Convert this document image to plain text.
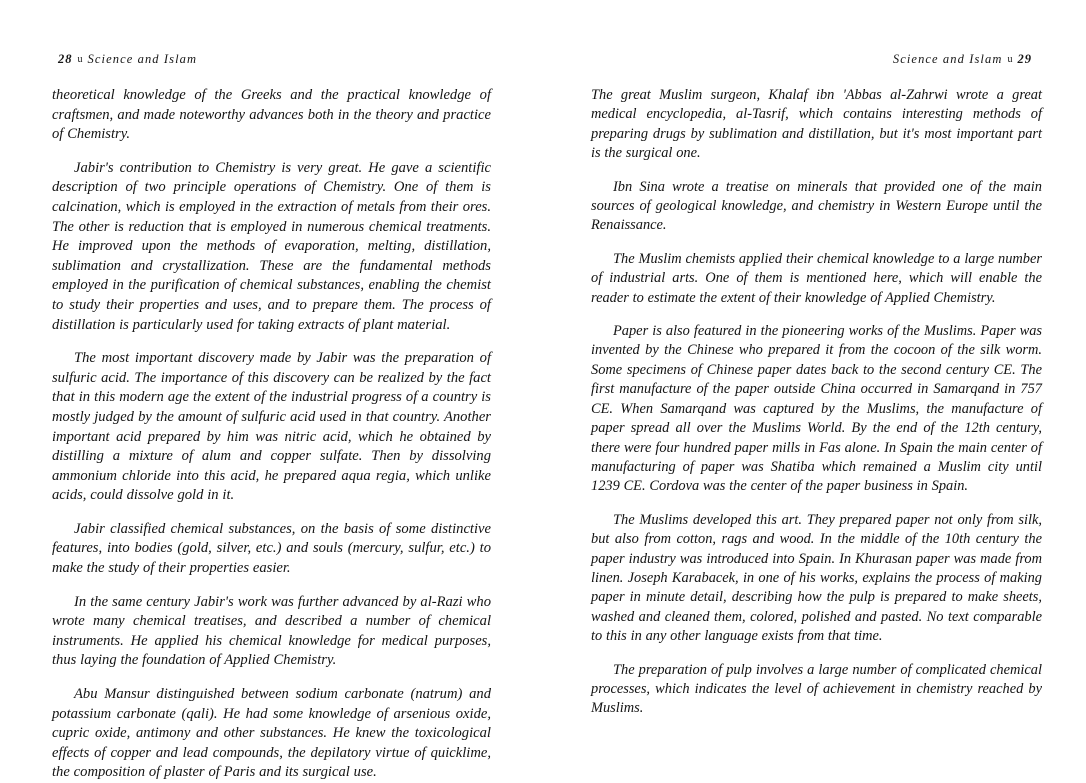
28 u Science and Islam

theoretical knowledge of the Greeks and the practical knowledge of craftsmen, and made noteworthy advances both in the theory and practice of Chemistry.

Jabir's contribution to Chemistry is very great. He gave a scientific description of two principle operations of Chemistry. One of them is calcination, which is employed in the extraction of metals from their ores. The other is reduction that is employed in numerous chemical treatments. He improved upon the methods of evaporation, melting, distillation, sublimation and crystallization. These are the fundamental methods employed in the purification of chemical substances, enabling the chemist to study their properties and uses, and to prepare them. The process of distillation is particularly used for taking extracts of plant material.

The most important discovery made by Jabir was the preparation of sulfuric acid. The importance of this discovery can be realized by the fact that in this modern age the extent of the industrial progress of a country is mostly judged by the amount of sulfuric acid used in that country. Another important acid prepared by him was nitric acid, which he obtained by distilling a mixture of alum and copper sulfate. Then by dissolving ammonium chloride into this acid, he prepared aqua regia, which unlike acids, could dissolve gold in it.

Jabir classified chemical substances, on the basis of some distinctive features, into bodies (gold, silver, etc.) and souls (mercury, sulfur, etc.) to make the study of their properties easier.

In the same century Jabir's work was further advanced by al-Razi who wrote many chemical treatises, and described a number of chemical instruments. He applied his chemical knowledge for medical purposes, thus laying the foundation of Applied Chemistry.

Abu Mansur distinguished between sodium carbonate (natrum) and potassium carbonate (qali). He had some knowledge of arsenious oxide, cupric oxide, antimony and other substances. He knew the toxicological effects of copper and lead compounds, the depilatory virtue of quicklime, the composition of plaster of Paris and its surgical use.

Science and Islam u 29

The great Muslim surgeon, Khalaf ibn 'Abbas al-Zahrwi wrote a great medical encyclopedia, al-Tasrif, which contains interesting methods of preparing drugs by sublimation and distillation, but it's most important part is the surgical one.

Ibn Sina wrote a treatise on minerals that provided one of the main sources of geological knowledge, and chemistry in Western Europe until the Renaissance.

The Muslim chemists applied their chemical knowledge to a large number of industrial arts. One of them is mentioned here, which will enable the reader to estimate the extent of their knowledge of Applied Chemistry.

Paper is also featured in the pioneering works of the Muslims. Paper was invented by the Chinese who prepared it from the cocoon of the silk worm. Some specimens of Chinese paper dates back to the second century CE. The first manufacture of the paper outside China occurred in Samarqand in 757 CE. When Samarqand was captured by the Muslims, the manufacture of paper spread all over the Muslims World. By the end of the 12th century, there were four hundred paper mills in Fas alone. In Spain the main center of manufacturing of paper was Shatiba which remained a Muslim city until 1239 CE. Cordova was the center of the paper business in Spain.

The Muslims developed this art. They prepared paper not only from silk, but also from cotton, rags and wood. In the middle of the 10th century the paper industry was introduced into Spain. In Khurasan paper was made from linen. Joseph Karabacek, in one of his works, explains the process of making paper in minute detail, describing how the pulp is prepared to make sheets, washed and cleaned them, colored, polished and pasted. No text comparable to this in any other language exists from that time.

The preparation of pulp involves a large number of complicated chemical processes, which indicates the level of achievement in chemistry reached by Muslims.
